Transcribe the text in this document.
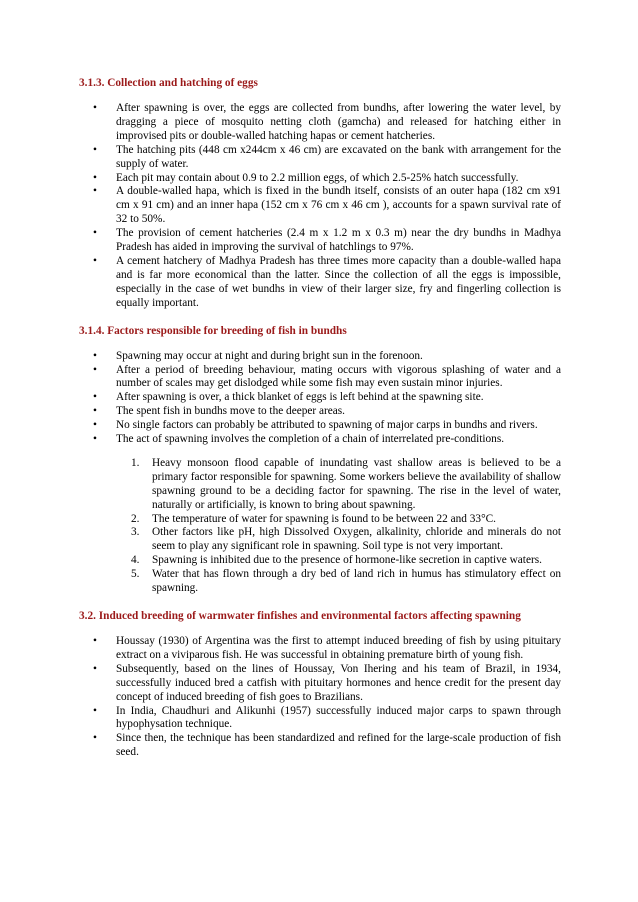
3.1.3. Collection and hatching of eggs
• After spawning is over, the eggs are collected from bundhs, after lowering the water level, by dragging a piece of mosquito netting cloth (gamcha) and released for hatching either in improvised pits or double-walled hatching hapas or cement hatcheries.
• The hatching pits (448 cm x244cm x 46 cm) are excavated on the bank with arrangement for the supply of water.
• Each pit may contain about 0.9 to 2.2 million eggs, of which 2.5-25% hatch successfully.
• A double-walled hapa, which is fixed in the bundh itself, consists of an outer hapa (182 cm x91 cm x 91 cm) and an inner hapa (152 cm x 76 cm x 46 cm ), accounts for a spawn survival rate of 32 to 50%.
• The provision of cement hatcheries (2.4 m x 1.2 m x 0.3 m) near the dry bundhs in Madhya Pradesh has aided in improving the survival of hatchlings to 97%.
• A cement hatchery of Madhya Pradesh has three times more capacity than a double-walled hapa and is far more economical than the latter. Since the collection of all the eggs is impossible, especially in the case of wet bundhs in view of their larger size, fry and fingerling collection is equally important.
3.1.4. Factors responsible for breeding of fish in bundhs
• Spawning may occur at night and during bright sun in the forenoon.
• After a period of breeding behaviour, mating occurs with vigorous splashing of water and a number of scales may get dislodged while some fish may even sustain minor injuries.
• After spawning is over, a thick blanket of eggs is left behind at the spawning site.
• The spent fish in bundhs move to the deeper areas.
• No single factors can probably be attributed to spawning of major carps in bundhs and rivers.
• The act of spawning involves the completion of a chain of interrelated pre-conditions.
1.	Heavy monsoon flood capable of inundating vast shallow areas is believed to be a primary factor responsible for spawning. Some workers believe the availability of shallow spawning ground to be a deciding factor for spawning. The rise in the level of water, naturally or artificially, is known to bring about spawning.
2.	The temperature of water for spawning is found to be between 22 and 33°C.
3.	Other factors like pH, high Dissolved Oxygen, alkalinity, chloride and minerals do not seem to play any significant role in spawning. Soil type is not very important.
4.	Spawning is inhibited due to the presence of hormone-like secretion in captive waters.
5.	Water that has flown through a dry bed of land rich in humus has stimulatory effect on spawning.
3.2. Induced breeding of warmwater finfishes and environmental factors affecting spawning
• Houssay (1930) of Argentina was the first to attempt induced breeding of fish by using pituitary extract on a viviparous fish. He was successful in obtaining premature birth of young fish.
• Subsequently, based on the lines of Houssay, Von Ihering and his team of Brazil, in 1934, successfully induced bred a catfish with pituitary hormones and hence credit for the present day concept of induced breeding of fish goes to Brazilians.
• In India, Chaudhuri and Alikunhi (1957) successfully induced major carps to spawn through hypophysation technique.
• Since then, the technique has been standardized and refined for the large-scale production of fish seed.
